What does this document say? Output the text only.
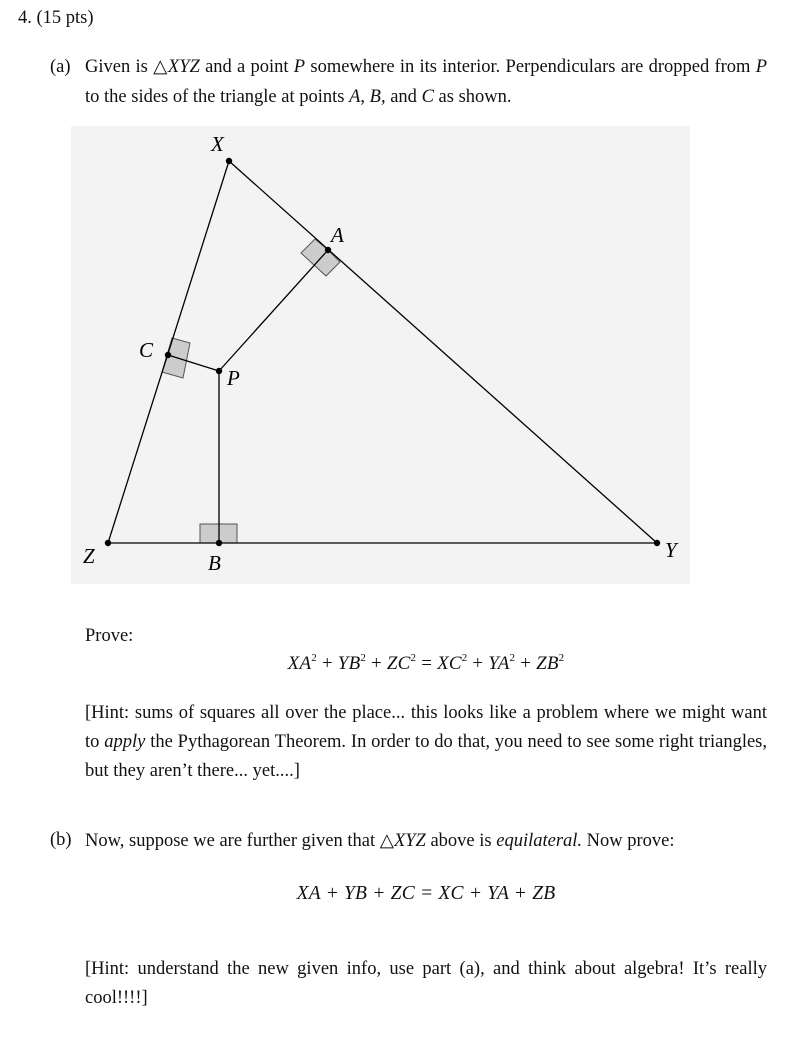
4. (15 pts)
(a) Given is △XYZ and a point P somewhere in its interior. Perpendiculars are dropped from P to the sides of the triangle at points A, B, and C as shown.
X
Y
Z
A
B
C
P
Prove:
$XA^2 + YB^2 + ZC^2 = XC^2 + YA^2 + ZB^2$
[Hint: sums of squares all over the place... this looks like a problem where we might want to apply the Pythagorean Theorem. In order to do that, you need to see some right triangles, but they aren’t there... yet....]
(b) Now, suppose we are further given that △XYZ above is equilateral. Now prove:
XA + YB + ZC = XC + YA + ZB
[Hint: understand the new given info, use part (a), and think about algebra! It’s really cool!!!!]
